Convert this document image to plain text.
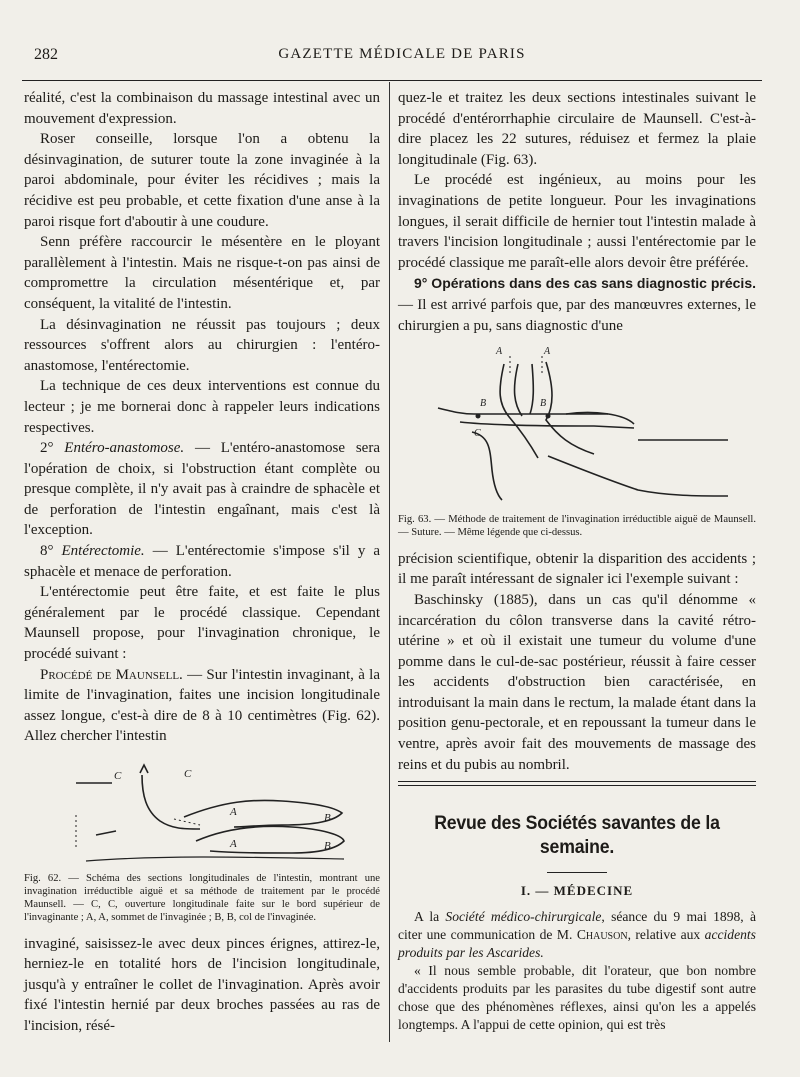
282	GAZETTE MÉDICALE DE PARIS

réalité, c'est la combinaison du massage intestinal avec un mouvement d'expression.

Roser conseille, lorsque l'on a obtenu la désinvagination, de suturer toute la zone invaginée à la paroi abdominale, pour éviter les récidives ; mais la récidive est peu probable, et cette fixation d'une anse à la paroi risque fort d'aboutir à une coudure.

Senn préfère raccourcir le mésentère en le ployant parallèlement à l'intestin. Mais ne risque-t-on pas ainsi de compromettre la circulation mésentérique et, par conséquent, la vitalité de l'intestin.

La désinvagination ne réussit pas toujours ; deux ressources s'offrent alors au chirurgien : l'entéro-anastomose, l'entérectomie.

La technique de ces deux interventions est connue du lecteur ; je me bornerai donc à rappeler leurs indications respectives.

2° Entéro-anastomose. — L'entéro-anastomose sera l'opération de choix, si l'obstruction étant complète ou presque complète, il n'y avait pas à craindre de sphacèle et de perforation de l'intestin engaînant, mais c'est là l'exception.

8° Entérectomie. — L'entérectomie s'impose s'il y a sphacèle et menace de perforation.

L'entérectomie peut être faite, et est faite le plus généralement par le procédé classique. Cependant Maunsell propose, pour l'invagination chronique, le procédé suivant :

Procédé de Maunsell. — Sur l'intestin invaginant, à la limite de l'invagination, faites une incision longitudinale assez longue, c'est-à dire de 8 à 10 centimètres (Fig. 62). Allez chercher l'intestin

C	C
A
A
B
B
Fig. 62. — Schéma des sections longitudinales de l'intestin, montrant une invagination irréductible aiguë et sa méthode de traitement par le procédé Maunsell. — C, C, ouverture longitudinale faite sur le bord supérieur de l'invaginante ; A, A, sommet de l'invaginée ; B, B, col de l'invaginée.

invaginé, saisissez-le avec deux pinces érignes, attirez-le, herniez-le en totalité hors de l'incision longitudinale, jusqu'à y entraîner le collet de l'invagination. Après avoir fixé l'intestin hernié par deux broches passées au ras de l'incision, résé-

quez-le et traitez les deux sections intestinales suivant le procédé d'entérorrhaphie circulaire de Maunsell. C'est-à-dire placez les 22 sutures, réduisez et fermez la plaie longitudinale (Fig. 63).

Le procédé est ingénieux, au moins pour les invaginations de petite longueur. Pour les invaginations longues, il serait difficile de hernier tout l'intestin malade à travers l'incision longitudinale ; aussi l'entérectomie par le procédé classique me paraît-elle alors devoir être préférée.

9° Opérations dans des cas sans diagnostic précis. — Il est arrivé parfois que, par des manœuvres externes, le chirurgien a pu, sans diagnostic d'une

A	A
B	B
C
Fig. 63. — Méthode de traitement de l'invagination irréductible aiguë de Maunsell. — Suture. — Même légende que ci-dessus.

précision scientifique, obtenir la disparition des accidents ; il me paraît intéressant de signaler ici l'exemple suivant :

Baschinsky (1885), dans un cas qu'il dénomme « incarcération du côlon transverse dans la cavité rétro-utérine » et où il existait une tumeur du volume d'une pomme dans le cul-de-sac postérieur, réussit à faire cesser les accidents d'obstruction bien caractérisée, en introduisant la main dans le rectum, la malade étant dans la position genu-pectorale, et en repoussant la tumeur dans le ventre, après avoir fait des mouvements de massage des reins et du pubis au nombril.

Revue des Sociétés savantes de la semaine.
I. — MÉDECINE

A la Société médico-chirurgicale, séance du 9 mai 1898, à citer une communication de M. Chauson, relative aux accidents produits par les Ascarides.

« Il nous semble probable, dit l'orateur, que bon nombre d'accidents produits par les parasites du tube digestif sont autre chose que des phénomènes réflexes, ainsi qu'on les a appelés longtemps. A l'appui de cette opinion, qui est très
